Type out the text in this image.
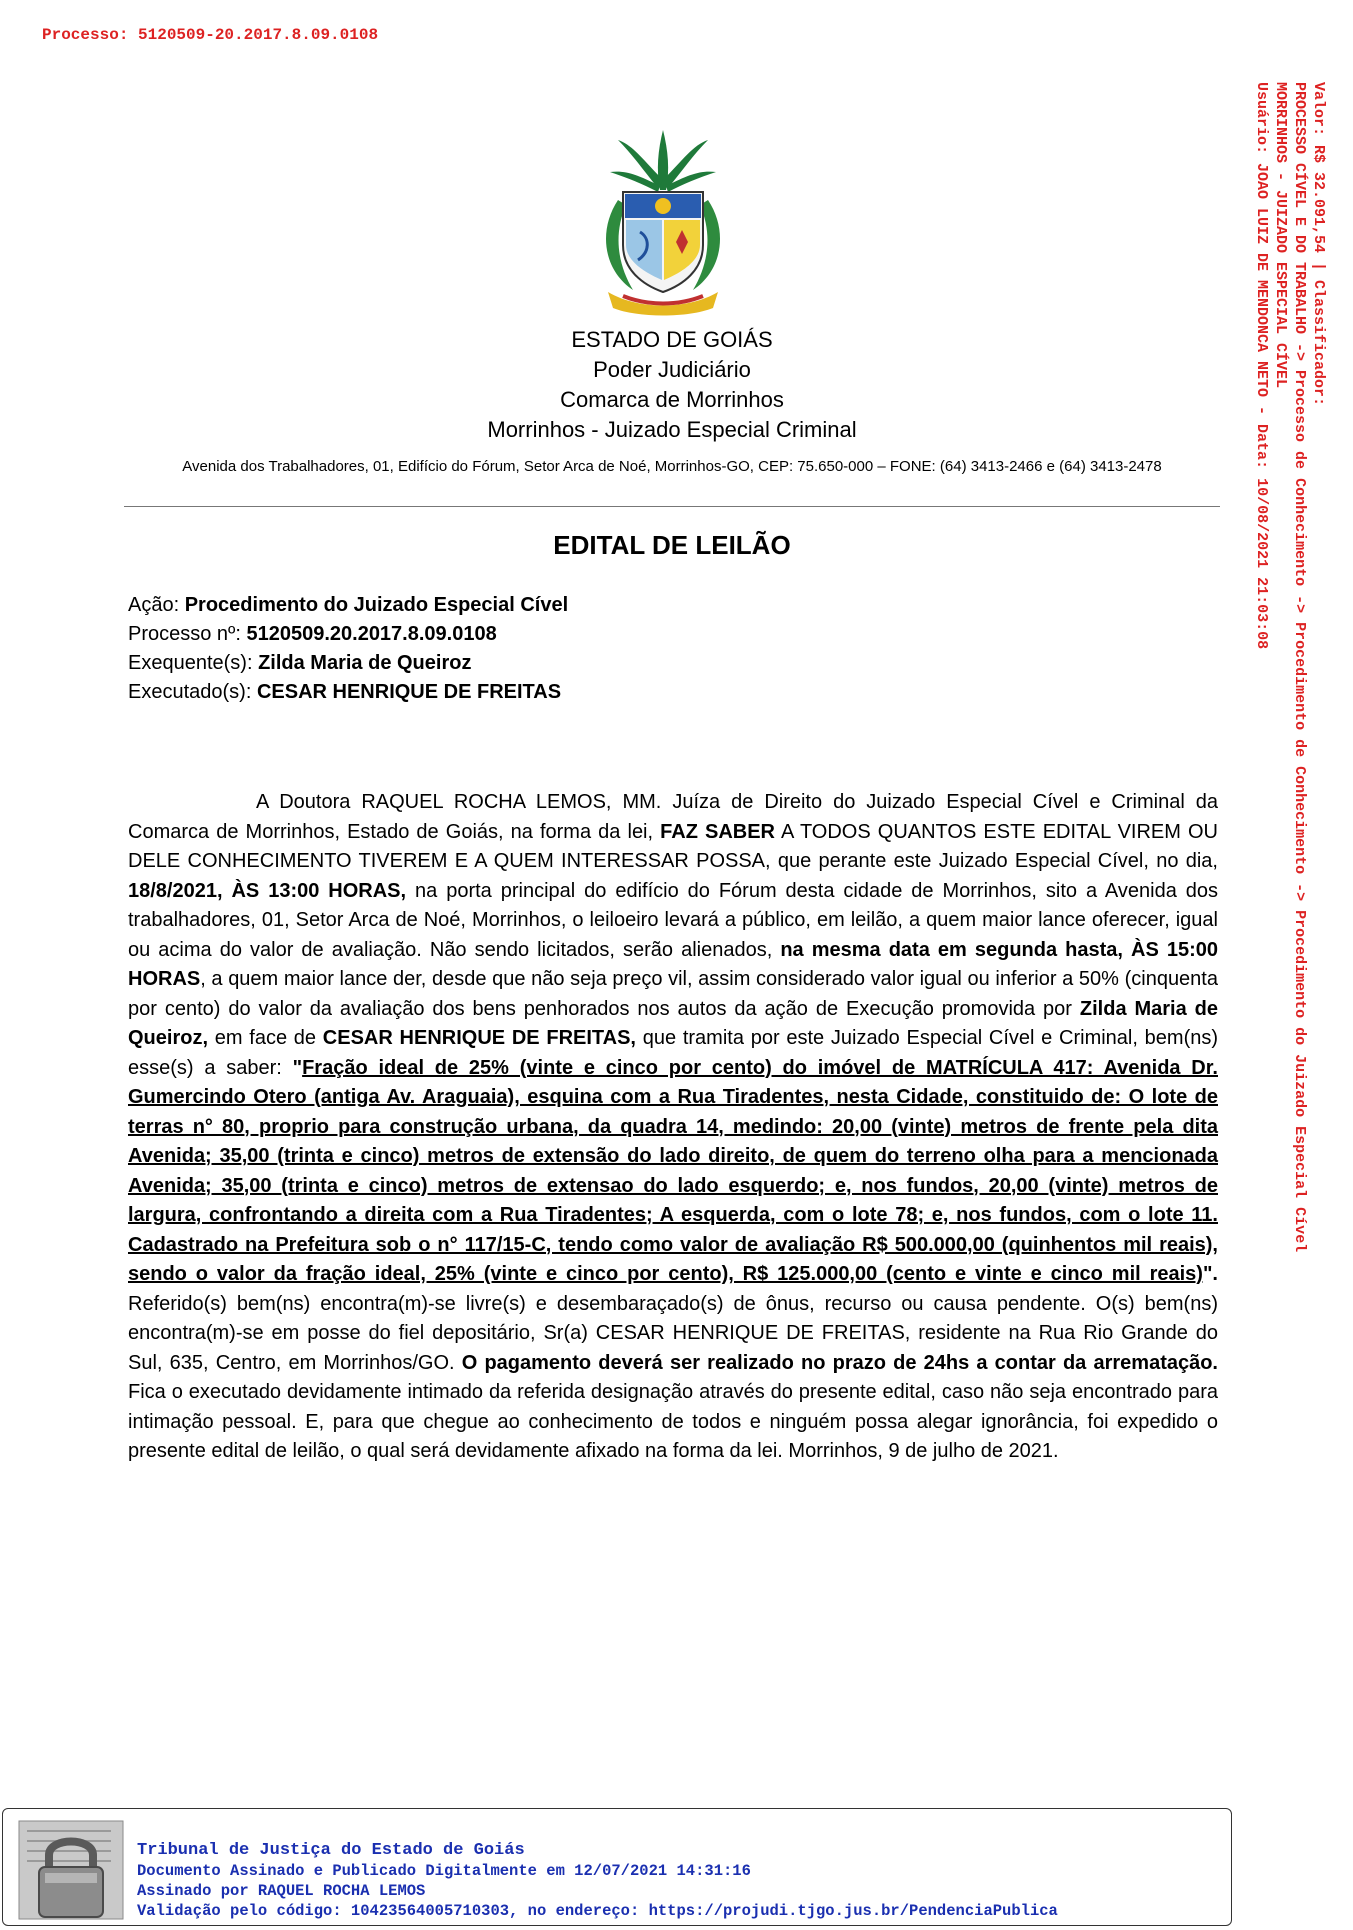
Processo: 5120509-20.2017.8.09.0108
Valor: R$ 32.091,54 | Classificador:
PROCESSO CÍVEL E DO TRABALHO -> Processo de Conhecimento -> Procedimento de Conhecimento -> Procedimento do Juizado Especial Cível
MORRINHOS - JUIZADO ESPECIAL CÍVEL
Usuário: JOAO LUIZ DE MENDONCA NETO - Data: 10/08/2021 21:03:08
ESTADO DE GOIÁS
Poder Judiciário
Comarca de Morrinhos
Morrinhos - Juizado Especial Criminal
Avenida dos Trabalhadores, 01, Edifício do Fórum, Setor Arca de Noé, Morrinhos-GO, CEP: 75.650-000 – FONE: (64) 3413-2466 e (64) 3413-2478
EDITAL DE LEILÃO
Ação: Procedimento do Juizado Especial Cível
Processo nº: 5120509.20.2017.8.09.0108
Exequente(s): Zilda Maria de Queiroz
Executado(s): CESAR HENRIQUE DE FREITAS
A Doutora RAQUEL ROCHA LEMOS, MM. Juíza de Direito do Juizado Especial Cível e Criminal da Comarca de Morrinhos, Estado de Goiás, na forma da lei, FAZ SABER A TODOS QUANTOS ESTE EDITAL VIREM OU DELE CONHECIMENTO TIVEREM E A QUEM INTERESSAR POSSA, que perante este Juizado Especial Cível, no dia, 18/8/2021, ÀS 13:00 HORAS, na porta principal do edifício do Fórum desta cidade de Morrinhos, sito a Avenida dos trabalhadores, 01, Setor Arca de Noé, Morrinhos, o leiloeiro levará a público, em leilão, a quem maior lance oferecer, igual ou acima do valor de avaliação. Não sendo licitados, serão alienados, na mesma data em segunda hasta, ÀS 15:00 HORAS, a quem maior lance der, desde que não seja preço vil, assim considerado valor igual ou inferior a 50% (cinquenta por cento) do valor da avaliação dos bens penhorados nos autos da ação de Execução promovida por Zilda Maria de Queiroz, em face de CESAR HENRIQUE DE FREITAS, que tramita por este Juizado Especial Cível e Criminal, bem(ns) esse(s) a saber: "Fração ideal de 25% (vinte e cinco por cento) do imóvel de MATRÍCULA 417: Avenida Dr. Gumercindo Otero (antiga Av. Araguaia), esquina com a Rua Tiradentes, nesta Cidade, constituido de: O lote de terras n° 80, proprio para construção urbana, da quadra 14, medindo: 20,00 (vinte) metros de frente pela dita Avenida; 35,00 (trinta e cinco) metros de extensão do lado direito, de quem do terreno olha para a mencionada Avenida; 35,00 (trinta e cinco) metros de extensao do lado esquerdo; e, nos fundos, 20,00 (vinte) metros de largura, confrontando a direita com a Rua Tiradentes; A esquerda, com o lote 78; e, nos fundos, com o lote 11. Cadastrado na Prefeitura sob o n° 117/15-C, tendo como valor de avaliação R$ 500.000,00 (quinhentos mil reais), sendo o valor da fração ideal, 25% (vinte e cinco por cento), R$ 125.000,00 (cento e vinte e cinco mil reais)". Referido(s) bem(ns) encontra(m)-se livre(s) e desembaraçado(s) de ônus, recurso ou causa pendente. O(s) bem(ns) encontra(m)-se em posse do fiel depositário, Sr(a) CESAR HENRIQUE DE FREITAS, residente na Rua Rio Grande do Sul, 635, Centro, em Morrinhos/GO. O pagamento deverá ser realizado no prazo de 24hs a contar da arrematação. Fica o executado devidamente intimado da referida designação através do presente edital, caso não seja encontrado para intimação pessoal. E, para que chegue ao conhecimento de todos e ninguém possa alegar ignorância, foi expedido o presente edital de leilão, o qual será devidamente afixado na forma da lei. Morrinhos, 9 de julho de 2021.
Tribunal de Justiça do Estado de Goiás
Documento Assinado e Publicado Digitalmente em 12/07/2021 14:31:16
Assinado por RAQUEL ROCHA LEMOS
Validação pelo código: 10423564005710303, no endereço: https://projudi.tjgo.jus.br/PendenciaPublica
